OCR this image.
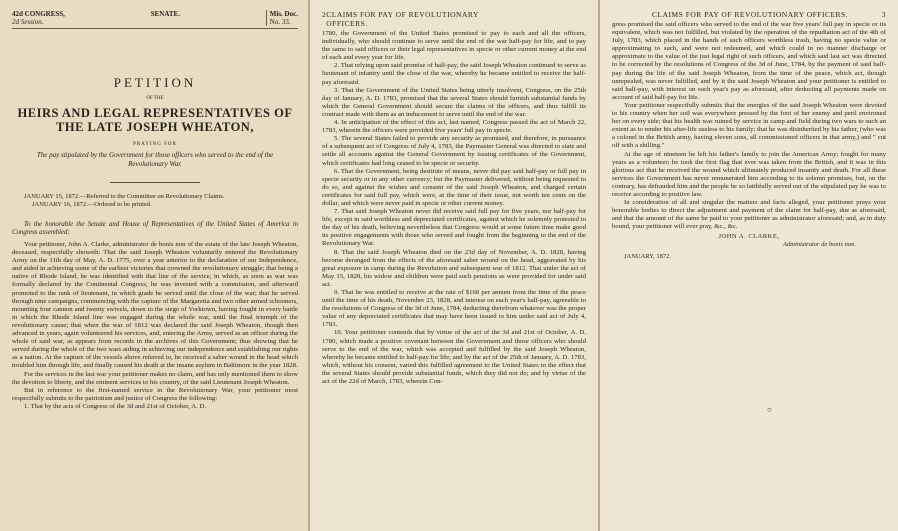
42d CONGRESS,
2d Session.
SENATE.	Mis. Doc.
No. 33.
PETITION
OF THE
HEIRS AND LEGAL REPRESENTATIVES OF THE LATE JOSEPH WHEATON,
PRAYING FOR
The pay stipulated by the Government for those officers who served to the end of the Revolutionary War.
JANUARY 15, 1872.—Referred to the Committee on Revolutionary Claims.
JANUARY 16, 1872.—Ordered to be printed.
To the honorable the Senate and House of Representatives of the United States of America in Congress assembled:

Your petitioner, John A. Clarke, administrator de bonis non of the estate of the late Joseph Wheaton, deceased, respectfully showeth: That the said Joseph Wheaton voluntarily entered the Revolutionary Army on the 11th day of May, A. D. 1775, over a year anterior to the declaration of our Independence, and aided in achieving some of the earliest victories that crowned the revolutionary struggle; that being a native of Rhode Island, he was identified with that line of the service, in which, as soon as war was formally declared by the Continental Congress, he was invested with a commission, and afterward promoted to the rank of lieutenant, in which grade he served until the close of the war; that he served through nine campaigns, commencing with the capture of the Margaretta and two other armed schooners, mounting four cannon and twenty swivels, down to the siege of Yorktown, having fought in every battle in which the Rhode Island line was engaged during the whole war, until the final triumph of the revolutionary cause; that when the war of 1812 was declared the said Joseph Wheaton, though then advanced in years, again volunteered his services, and, entering the Army, served as an officer during the whole of said war, as appears from records in the archives of this Government; thus showing that he served during the whole of the two wars aiding in achieving our independence and establishing our rights as a nation. At the capture of the vessels above referred to, he received a saber wound in the head which troubled him through life, and finally caused his death at the insane asylum in Baltimore in the year 1828.

For the services in the last war your petitioner makes no claim, and has only mentioned them to show the devotion to liberty, and the eminent services to his country, of the said Lieutenant Joseph Wheaton.

But in reference to the first-named service in the Revolutionary War, your petitioner most respectfully submits to the patriotism and justice of Congress the following:

1. That by the acts of Congress of the 3d and 21st of October, A. D.

2 CLAIMS FOR PAY OF REVOLUTIONARY OFFICERS.

1780, the Government of the United States promised to pay to each and all the officers, individually, who should continue to serve until the end of the war half-pay for life, and to pay the same to said officers or their legal representatives in specie or other current money at the end of each and every year for life.

2. That relying upon said promise of half-pay, the said Joseph Wheaton continued to serve as lieutenant of infantry until the close of the war, whereby he became entitled to receive the half-pay aforesaid.

3. That the Government of the United States being utterly insolvent, Congress, on the 25th day of January, A. D. 1783, promised that the several States should furnish substantial funds by which the General Government should secure the claims of the officers, and thus fulfill its contract made with them as an inducement to serve until the end of the war.

4. In anticipation of the effect of this act, last named, Congress passed the act of March 22, 1783, wherein the officers were provided five years' full pay in specie.

5. The several States failed to provide any security as promised, and therefore, in pursuance of a subsequent act of Congress of July 4, 1783, the Paymaster General was directed to state and settle all accounts against the General Government by issuing certificates of the Government, which certificates had long ceased to be specie or security.

6. That the Government, being destitute of means, never did pay said half-pay or full pay in specie security or in any other currency; but the Paymaster delivered, without being requested to do so, and against the wishes and consent of the said Joseph Wheaton, and charged certain certificates for said full pay, which were, at the time of their issue, not worth ten cents on the dollar, and which were never paid in specie or other current money.

7. That said Joseph Wheaton never did receive said full pay for five years, nor half-pay for life, except in said worthless and depreciated certificates, against which he solemnly protested to the day of his death, believing nevertheless that Congress would at some future time make good its positive engagements with those who served and fought from the beginning to the end of the Revolutionary War.

8. That the said Joseph Wheaton died on the 23d day of November, A. D. 1828, having become deranged from the effects of the aforesaid saber wound on the head, aggravated by his great exposure in camp during the Revolution and subsequent war of 1812. That under the act of May 15, 1828, his widow and children were paid such pensions as were provided for under said act.

9. That he was entitled to receive at the rate of $160 per annum from the time of the peace until the time of his death, November 23, 1828, and interest on each year's half-pay, agreeable to the resolutions of Congress of the 3d of June, 1784, deducting therefrom whatever was the proper value of any depreciated certificates that may have been issued to him under said act of July 4, 1783.

10. Your petitioner contends that by virtue of the act of the 3d and 21st of October, A. D. 1780, which made a positive covenant between the Government and those officers who should serve to the end of the war, which was accepted and fulfilled by the said Joseph Wheaton, whereby he became entitled to half-pay for life; and by the act of the 25th of January, A. D. 1783, which, without his consent, varied this fulfilled agreement to the United States to the effect that the several States should provide substantial funds, which they did not do; and by virtue of the act of the 22d of March, 1783, wherein Con-

CLAIMS FOR PAY OF REVOLUTIONARY OFFICERS.	3

gress promised the said officers who served to the end of the war five years' full pay in specie or its equivalent, which was not fulfilled, but violated by the operation of the repudiation act of the 4th of July, 1783, which placed in the hands of such officers worthless trash, having no specie value or approximating to such, and were not redeemed, and which could in no manner discharge or approximate to the value of the just legal right of such officers, and which said last act was directed to be corrected by the resolutions of Congress of the 3d of June, 1784, by the payment of said half-pay during the life of the said Joseph Wheaton, from the time of the peace, which act, though unrepealed, was never fulfilled, and by it the said Joseph Wheaton and your petitioner is entitled to said half-pay, with interest on each year's pay as aforesaid, after deducting all payments made on account of said half-pay for life.

Your petitioner respectfully submits that the energies of the said Joseph Wheaton were devoted to his country when her soil was everywhere pressed by the foot of her enemy and peril environed her on every side; that his health was ruined by service in camp and field during two wars to such an extent as to render his after-life useless to his family; that he was disinherited by his father, (who was a colonel in the British army, having eleven sons, all commissioned officers in that army,) and " cut off with a shilling."

At the age of nineteen he left his father's family to join the American Army; fought for many years as a volunteer; he took the first flag that ever was taken from the British, and it was in this glorious act that he received the wound which ultimately produced insanity and death. For all these services the Government has never remunerated him according to its solemn promises, but, on the contrary, has defrauded him and the people he so faithfully served out of the stipulated pay he was to receive according to positive law.

In consideration of all and singular the matters and facts alleged, your petitioner prays your honorable bodies to direct the adjustment and payment of the claim for half-pay, due as aforesaid, and that the amount of the same be paid to your petitioner as administrator aforesaid; and, as in duty bound, your petitioner will ever pray, &c., &c.

JOHN A. CLARKE,
Administrator de bonis non.
JANUARY, 1872.
○
